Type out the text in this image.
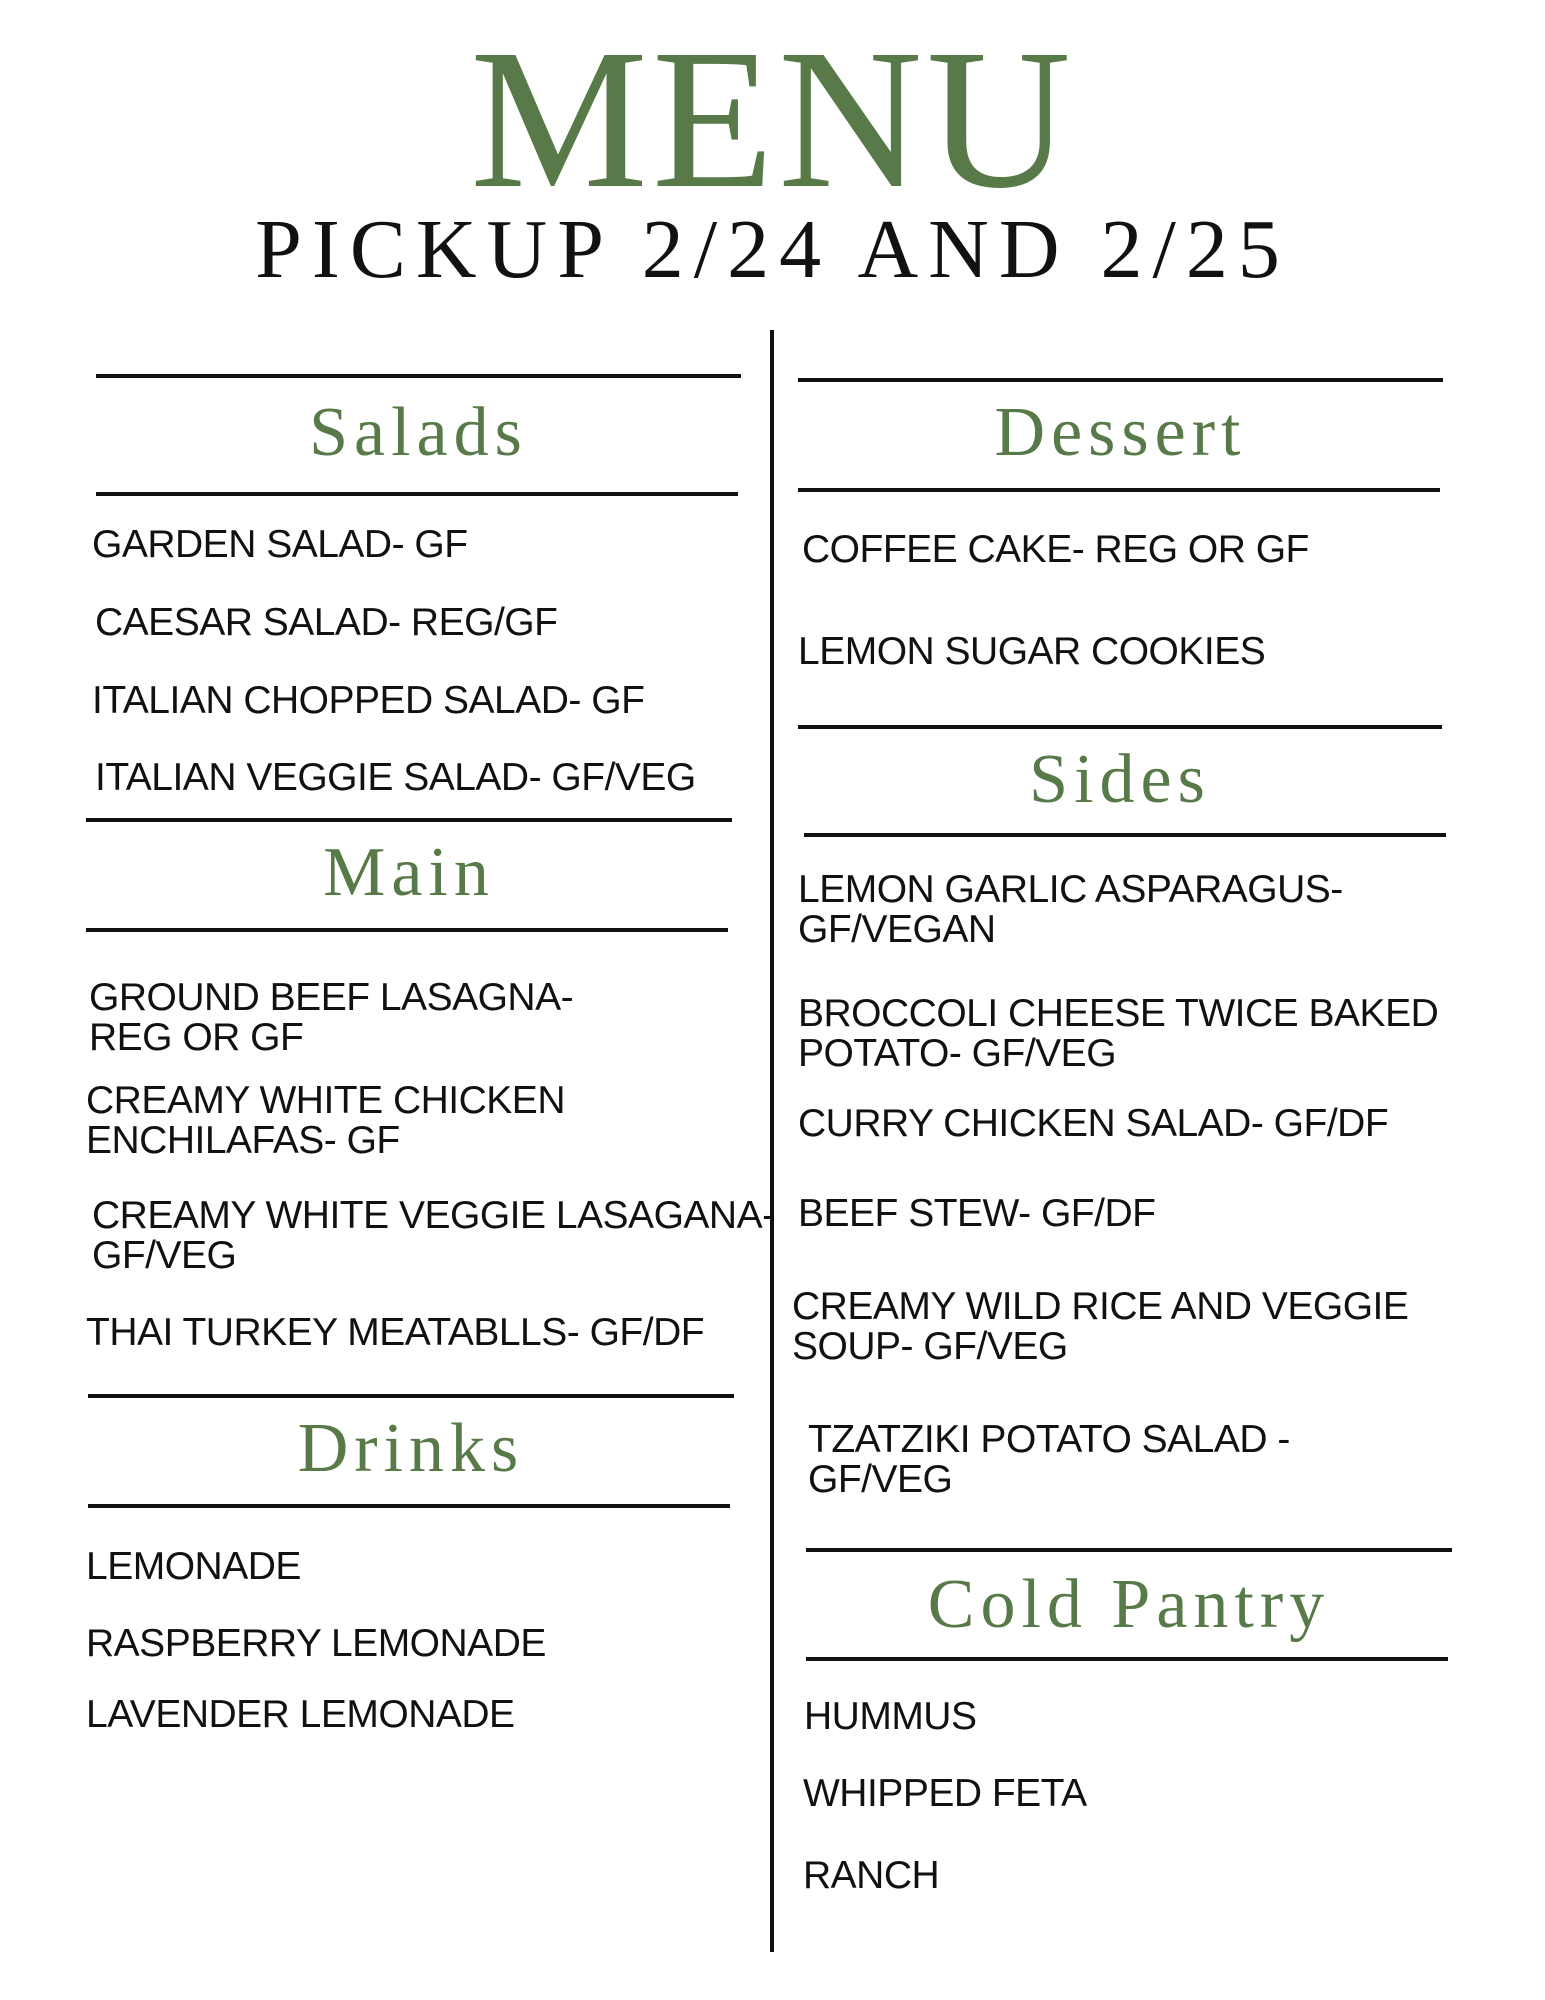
MENU
PICKUP 2/24 AND 2/25
Salads
GARDEN SALAD- GF
CAESAR SALAD- REG/GF
ITALIAN CHOPPED SALAD- GF
ITALIAN VEGGIE SALAD- GF/VEG
Main
GROUND BEEF LASAGNA-
REG OR GF
CREAMY WHITE CHICKEN
ENCHILAFAS- GF
CREAMY WHITE VEGGIE LASAGANA-
GF/VEG
THAI TURKEY MEATABLLS- GF/DF
Drinks
LEMONADE
RASPBERRY LEMONADE
LAVENDER LEMONADE
Dessert
COFFEE CAKE- REG OR GF
LEMON SUGAR COOKIES
Sides
LEMON GARLIC ASPARAGUS-
GF/VEGAN
BROCCOLI CHEESE TWICE BAKED
POTATO- GF/VEG
CURRY CHICKEN SALAD- GF/DF
BEEF STEW- GF/DF
CREAMY WILD RICE AND VEGGIE
SOUP- GF/VEG
TZATZIKI POTATO SALAD -
GF/VEG
Cold Pantry
HUMMUS
WHIPPED FETA
RANCH
